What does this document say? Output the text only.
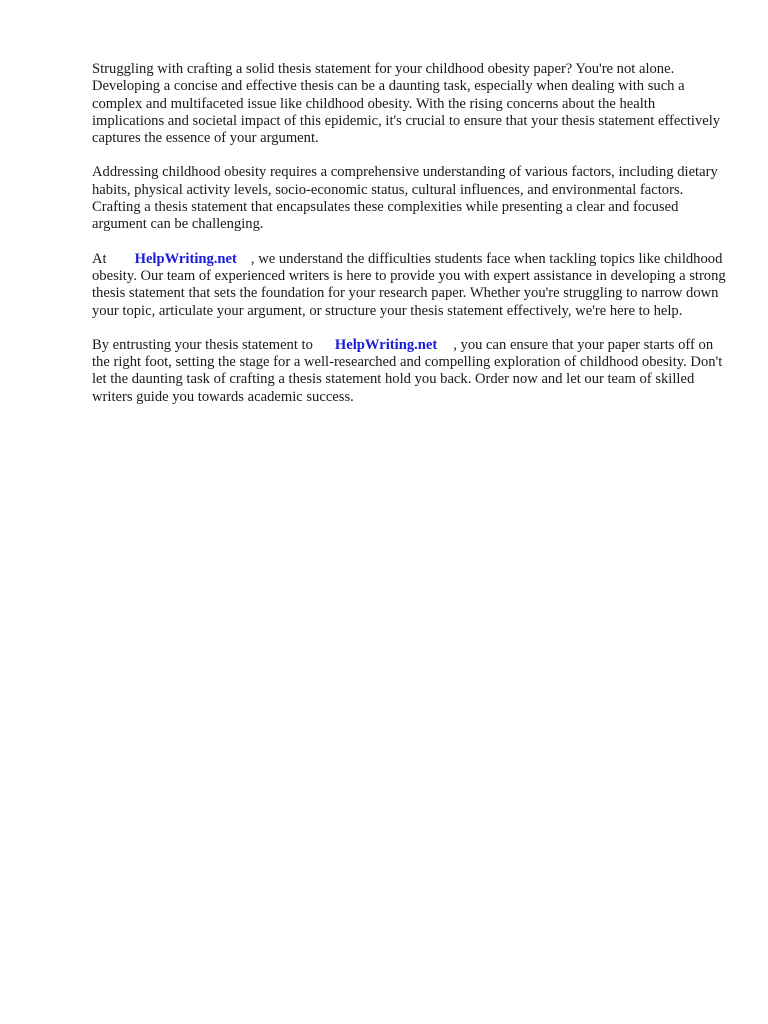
Struggling with crafting a solid thesis statement for your childhood obesity paper? You're not alone. Developing a concise and effective thesis can be a daunting task, especially when dealing with such a complex and multifaceted issue like childhood obesity. With the rising concerns about the health implications and societal impact of this epidemic, it's crucial to ensure that your thesis statement effectively captures the essence of your argument.

Addressing childhood obesity requires a comprehensive understanding of various factors, including dietary habits, physical activity levels, socio-economic status, cultural influences, and environmental factors. Crafting a thesis statement that encapsulates these complexities while presenting a clear and focused argument can be challenging.

At HelpWriting.net , we understand the difficulties students face when tackling topics like childhood obesity. Our team of experienced writers is here to provide you with expert assistance in developing a strong thesis statement that sets the foundation for your research paper. Whether you're struggling to narrow down your topic, articulate your argument, or structure your thesis statement effectively, we're here to help.

By entrusting your thesis statement to HelpWriting.net , you can ensure that your paper starts off on the right foot, setting the stage for a well-researched and compelling exploration of childhood obesity. Don't let the daunting task of crafting a thesis statement hold you back. Order now and let our team of skilled writers guide you towards academic success.
